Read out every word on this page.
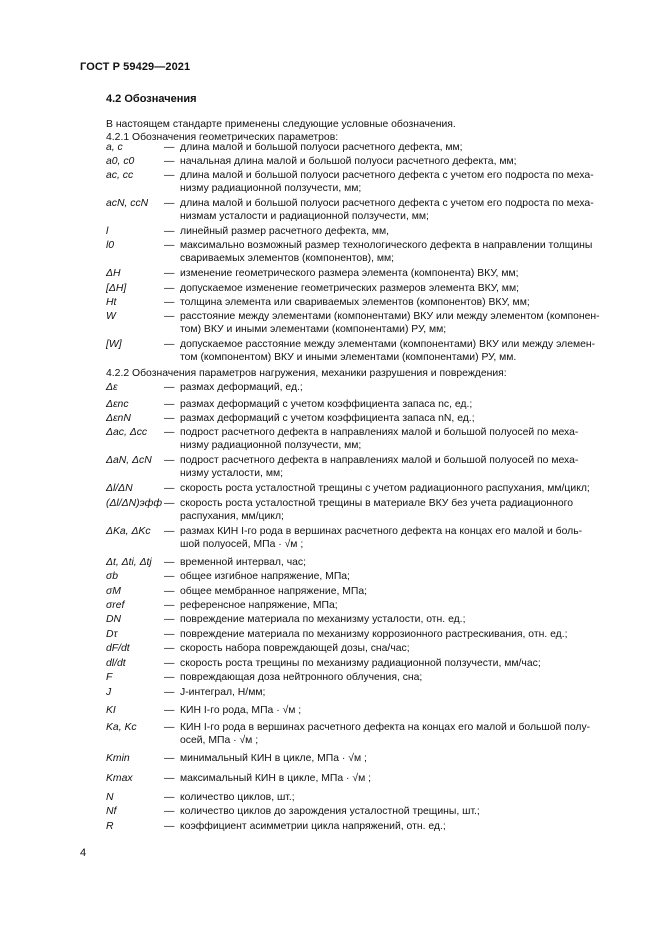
ГОСТ Р 59429—2021
4.2 Обозначения
В настоящем стандарте применены следующие условные обозначения.
4.2.1 Обозначения геометрических параметров:
a, c	— длина малой и большой полуоси расчетного дефекта, мм;
a0, c0	— начальная длина малой и большой полуоси расчетного дефекта, мм;
ac, cc	— длина малой и большой полуоси расчетного дефекта с учетом его подроста по меха-
низму радиационной ползучести, мм;
acN, ccN	— длина малой и большой полуоси расчетного дефекта с учетом его подроста по меха-
низмам усталости и радиационной ползучести, мм;
l	— линейный размер расчетного дефекта, мм,
l0	— максимально возможный размер технологического дефекта в направлении толщины
свариваемых элементов (компонентов), мм;
ΔH	— изменение геометрического размера элемента (компонента) ВКУ, мм;
[ΔH]	— допускаемое изменение геометрических размеров элемента ВКУ, мм;
Ht	— толщина элемента или свариваемых элементов (компонентов) ВКУ, мм;
W	— расстояние между элементами (компонентами) ВКУ или между элементом (компонен-
том) ВКУ и иными элементами (компонентами) РУ, мм;
[W]	— допускаемое расстояние между элементами (компонентами) ВКУ или между элемен-
том (компонентом) ВКУ и иными элементами (компонентами) РУ, мм.
4.2.2 Обозначения параметров нагружения, механики разрушения и повреждения:
Δε	— размах деформаций, ед.;
Δεnc	— размах деформаций с учетом коэффициента запаса nc, ед.;
ΔεnN	— размах деформаций с учетом коэффициента запаса nN, ед.;
Δac, Δcc	— подрост расчетного дефекта в направлениях малой и большой полуосей по меха-
низму радиационной ползучести, мм;
ΔaN, ΔcN	— подрост расчетного дефекта в направлениях малой и большой полуосей по меха-
низму усталости, мм;
Δl/ΔN	— скорость роста усталостной трещины с учетом радиационного распухания, мм/цикл;
(Δl/ΔN)эфф — скорость роста усталостной трещины в материале ВКУ без учета радиационного
распухания, мм/цикл;
ΔKa, ΔKc	— размах КИН I-го рода в вершинах расчетного дефекта на концах его малой и боль-
шой полуосей, МПа · √м ;
Δt, Δti, Δtj	— временной интервал, час;
σb	— общее изгибное напряжение, МПа;
σM	— общее мембранное напряжение, МПа;
σref	— референсное напряжение, МПа;
DN	— повреждение материала по механизму усталости, отн. ед.;
Dτ	— повреждение материала по механизму коррозионного растрескивания, отн. ед.;
dF/dt	— скорость набора повреждающей дозы, сна/час;
dl/dt	— скорость роста трещины по механизму радиационной ползучести, мм/час;
F	— повреждающая доза нейтронного облучения, сна;
J	— J-интеграл, Н/мм;
KI	— КИН I-го рода, МПа · √м ;
Ka, Kc	— КИН I-го рода в вершинах расчетного дефекта на концах его малой и большой полу-
осей, МПа · √м ;
Kmin	— минимальный КИН в цикле, МПа · √м ;
Kmax	— максимальный КИН в цикле, МПа · √м ;
N	— количество циклов, шт.;
Nf	— количество циклов до зарождения усталостной трещины, шт.;
R	— коэффициент асимметрии цикла напряжений, отн. ед.;
4
